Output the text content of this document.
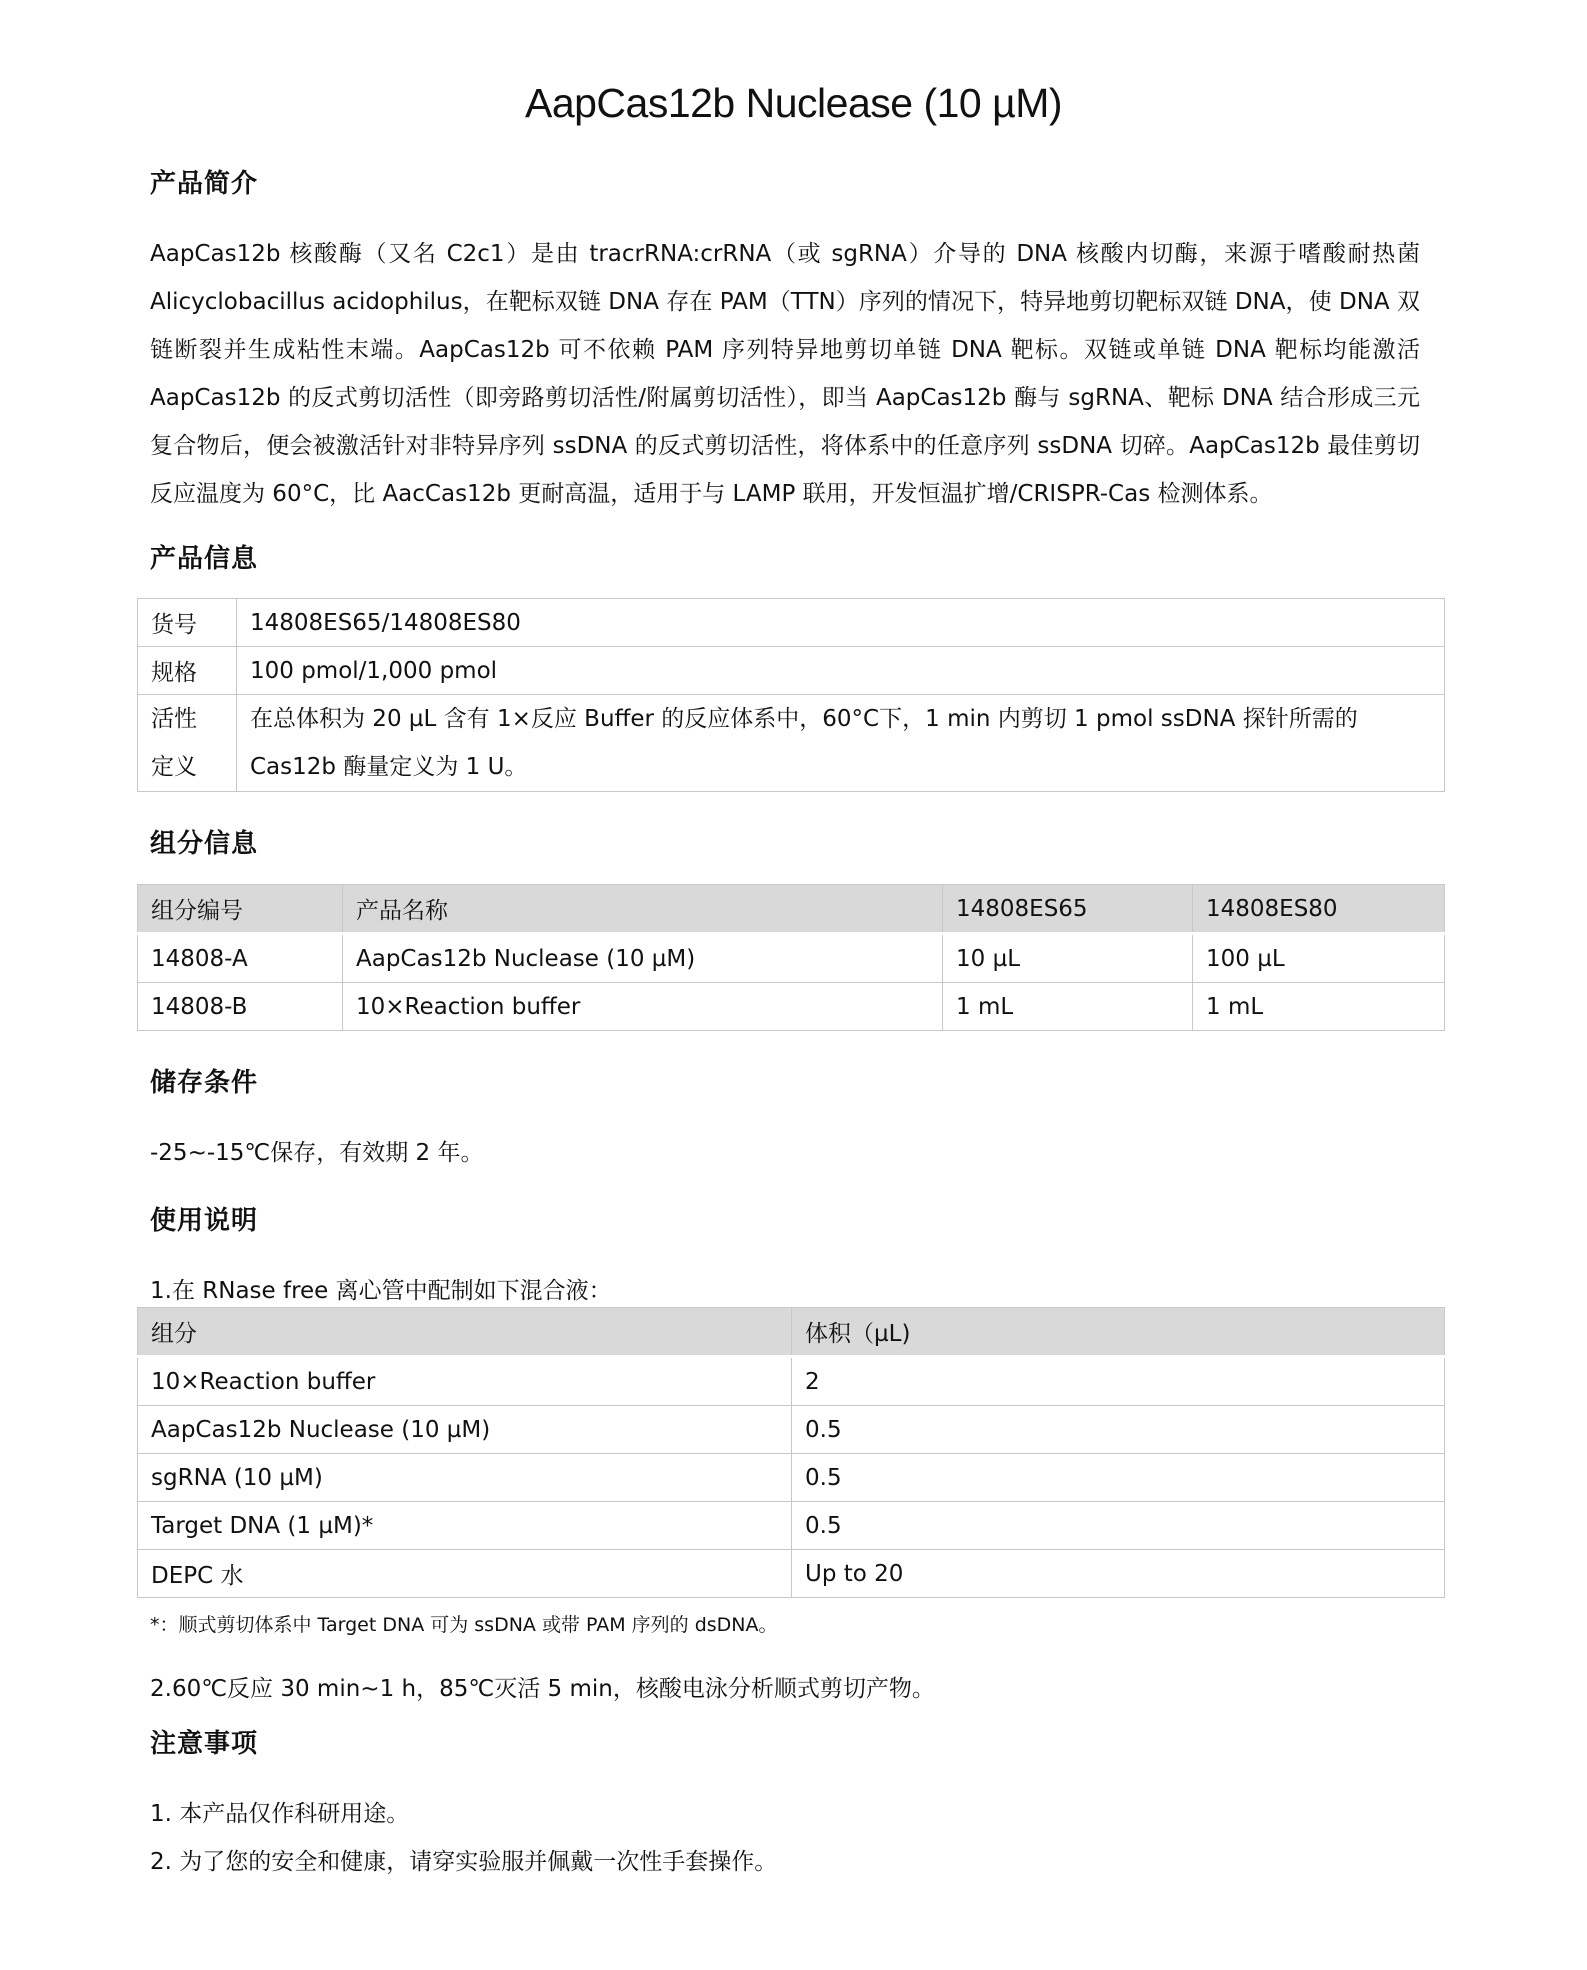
AapCas12b Nuclease (10 µM)
产品简介

AapCas12b 核酸酶（又名 C2c1）是由 tracrRNA:crRNA（或 sgRNA）介导的 DNA 核酸内切酶，来源于嗜酸耐热菌 Alicyclobacillus acidophilus，在靶标双链 DNA 存在 PAM（TTN）序列的情况下，特异地剪切靶标双链 DNA，使 DNA 双链断裂并生成粘性末端。AapCas12b 可不依赖 PAM 序列特异地剪切单链 DNA 靶标。双链或单链 DNA 靶标均能激活 AapCas12b 的反式剪切活性（即旁路剪切活性/附属剪切活性），即当 AapCas12b 酶与 sgRNA、靶标 DNA 结合形成三元复合物后，便会被激活针对非特异序列 ssDNA 的反式剪切活性，将体系中的任意序列 ssDNA 切碎。AapCas12b 最佳剪切反应温度为 60°C，比 AacCas12b 更耐高温，适用于与 LAMP 联用，开发恒温扩增/CRISPR-Cas 检测体系。

产品信息
货号	14808ES65/14808ES80
规格	100 pmol/1,000 pmol
活性定义	在总体积为 20 µL 含有 1×反应 Buffer 的反应体系中，60°C下，1 min 内剪切 1 pmol ssDNA 探针所需的 Cas12b 酶量定义为 1 U。
组分信息
组分编号	产品名称	14808ES65	14808ES80
14808-A	AapCas12b Nuclease (10 µM)	10 µL	100 µL
14808-B	10×Reaction buffer	1 mL	1 mL
储存条件

-25~-15℃保存，有效期 2 年。

使用说明

1.在 RNase free 离心管中配制如下混合液：

组分	体积（µL)
10×Reaction buffer	2
AapCas12b Nuclease (10 µM)	0.5
sgRNA (10 µM)	0.5
Target DNA (1 µM)*	0.5
DEPC 水	Up to 20

*：顺式剪切体系中 Target DNA 可为 ssDNA 或带 PAM 序列的 dsDNA。

2.60℃反应 30 min~1 h，85℃灭活 5 min，核酸电泳分析顺式剪切产物。

注意事项
1. 本产品仅作科研用途。
2. 为了您的安全和健康，请穿实验服并佩戴一次性手套操作。
